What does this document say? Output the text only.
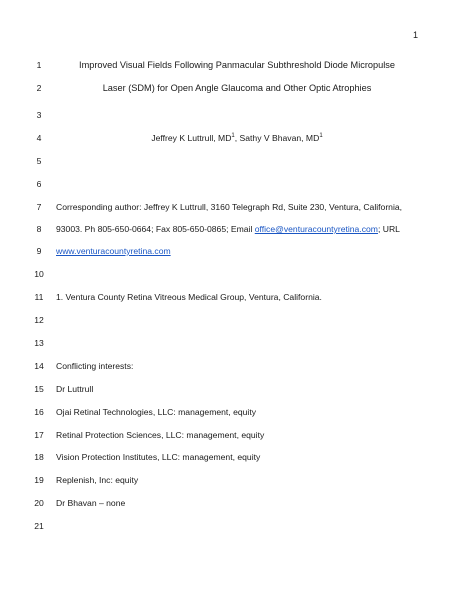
1
1	Improved Visual Fields Following Panmacular Subthreshold Diode Micropulse
2	Laser (SDM) for Open Angle Glaucoma and Other Optic Atrophies
3
4	Jeffrey K Luttrull, $MD^1$, Sathy V Bhavan, $MD^1$
5
6
7	Corresponding author: Jeffrey K Luttrull, 3160 Telegraph Rd, Suite 230, Ventura, California,
8	93003. Ph 805-650-0664; Fax 805-650-0865; Email office@venturacountyretina.com; URL
9	www.venturacountyretina.com
10
11	1. Ventura County Retina Vitreous Medical Group, Ventura, California.
12
13
14	Conflicting interests:
15	Dr Luttrull
16	Ojai Retinal Technologies, LLC: management, equity
17	Retinal Protection Sciences, LLC: management, equity
18	Vision Protection Institutes, LLC: management, equity
19	Replenish, Inc: equity
20	Dr Bhavan – none
21
